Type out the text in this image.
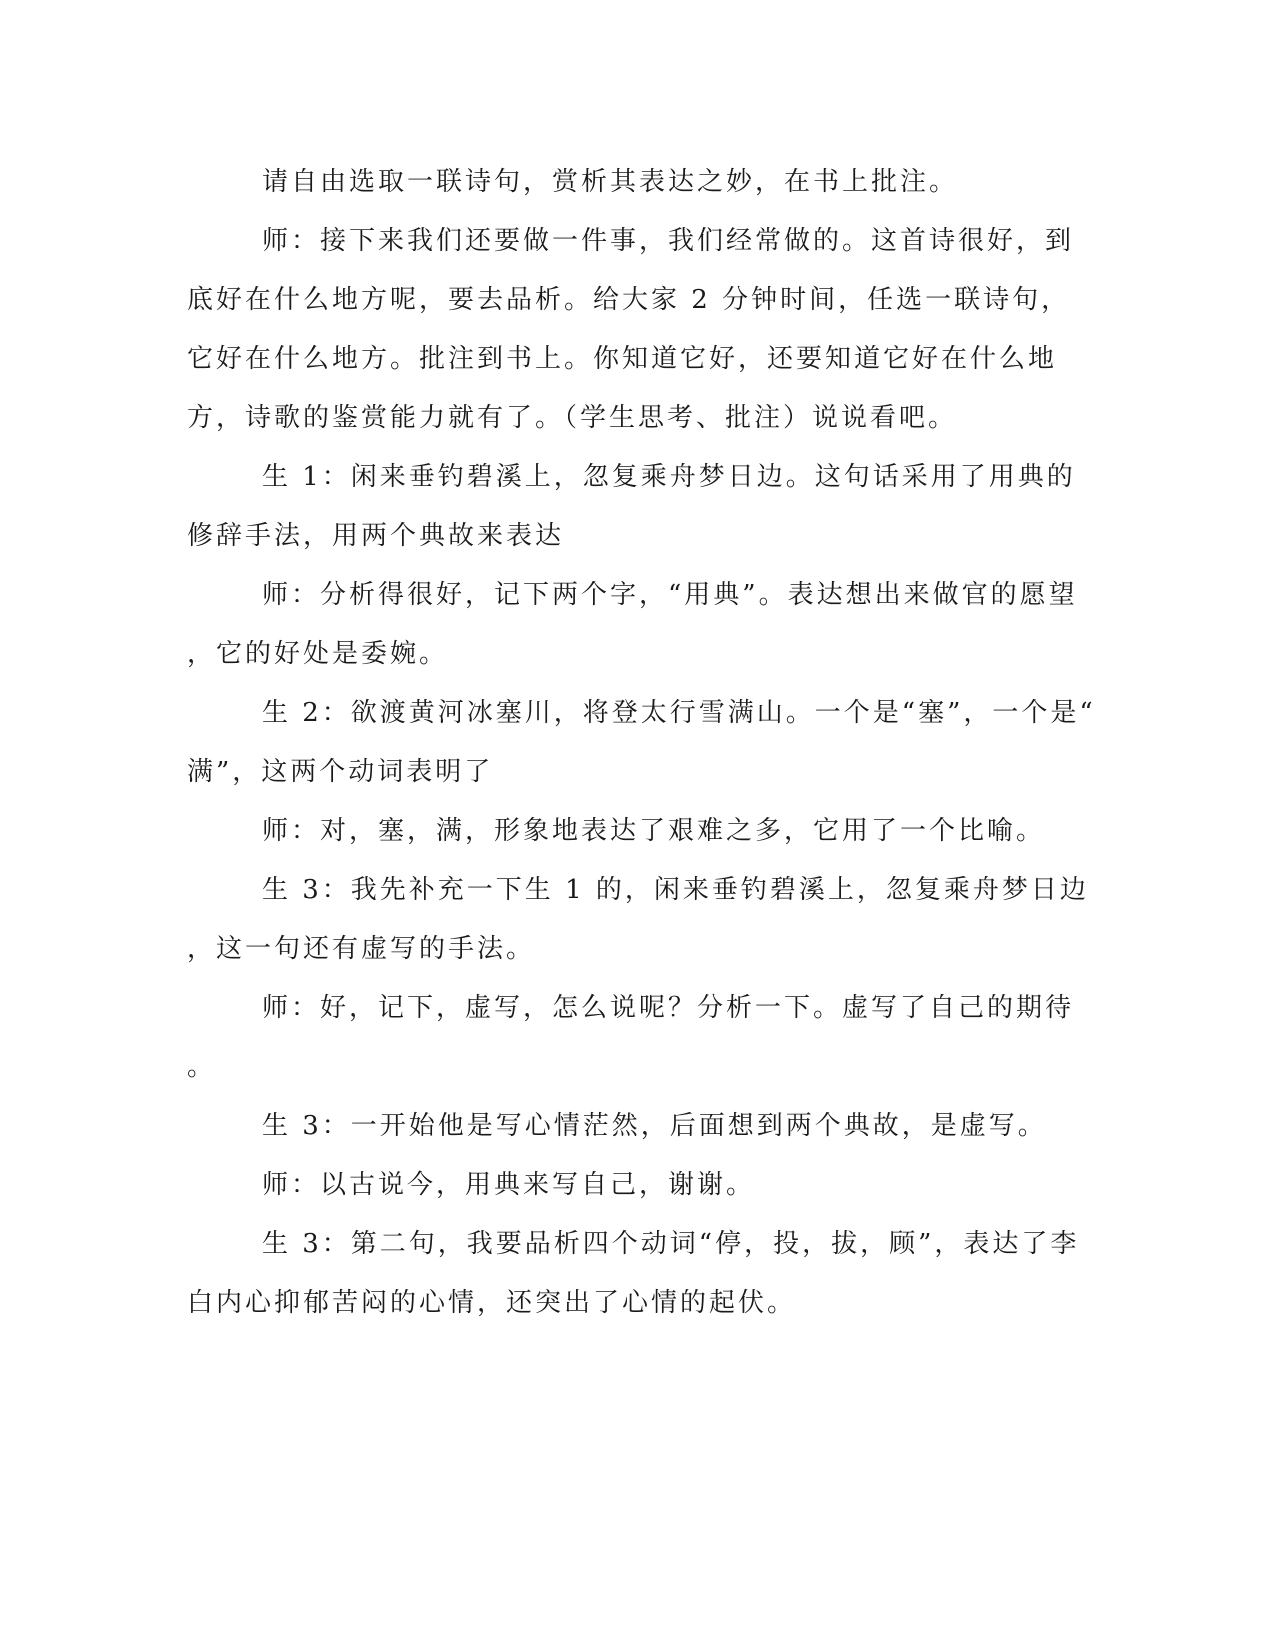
请自由选取一联诗句，赏析其表达之妙，在书上批注。
师：接下来我们还要做一件事，我们经常做的。这首诗很好，到
底好在什么地方呢，要去品析。给大家 2 分钟时间，任选一联诗句，
它好在什么地方。批注到书上。你知道它好，还要知道它好在什么地
方，诗歌的鉴赏能力就有了。（学生思考、批注）说说看吧。
生 1：闲来垂钓碧溪上，忽复乘舟梦日边。这句话采用了用典的
修辞手法，用两个典故来表达
师：分析得很好，记下两个字，“用典”。表达想出来做官的愿望
，它的好处是委婉。
生 2：欲渡黄河冰塞川，将登太行雪满山。一个是“塞”，一个是“
满”，这两个动词表明了
师：对，塞，满，形象地表达了艰难之多，它用了一个比喻。
生 3：我先补充一下生 1 的，闲来垂钓碧溪上，忽复乘舟梦日边
，这一句还有虚写的手法。
师：好，记下，虚写，怎么说呢？分析一下。虚写了自己的期待
。
生 3：一开始他是写心情茫然，后面想到两个典故，是虚写。
师：以古说今，用典来写自己，谢谢。
生 3：第二句，我要品析四个动词“停，投，拔，顾”，表达了李
白内心抑郁苦闷的心情，还突出了心情的起伏。
